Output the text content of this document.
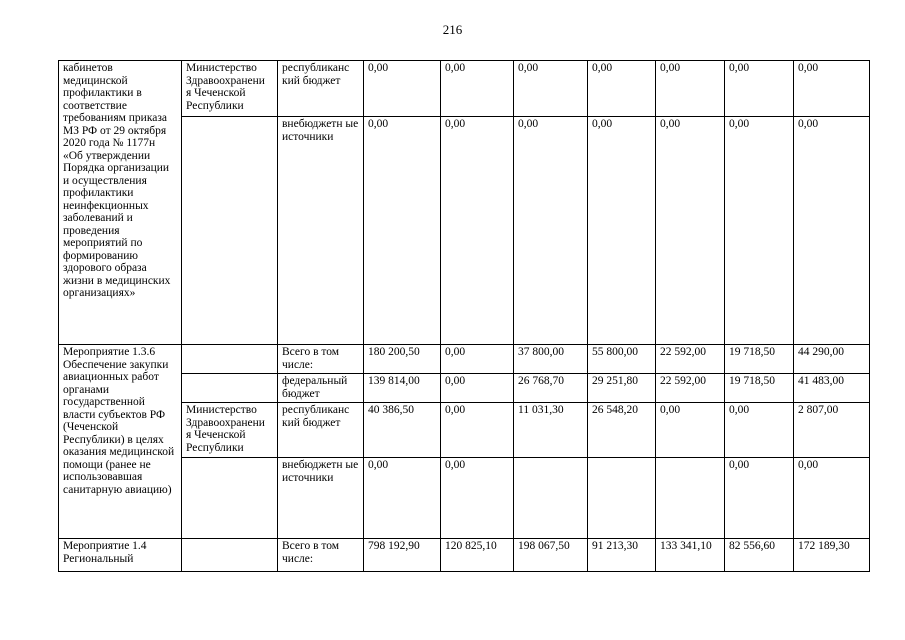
216
кабинетов медицинской профилактики в соответствие требованиям приказа МЗ РФ от 29 октября 2020 года № 1177н «Об утверждении Порядка организации и осуществления профилактики неинфекционных заболеваний и проведения мероприятий по формированию здорового образа жизни в медицинских организациях»	Министерство Здравоохранени я Чеченской Республики	республиканс кий бюджет	0,00	0,00	0,00	0,00	0,00	0,00	0,00
		внебюджетн ые источники	0,00	0,00	0,00	0,00	0,00	0,00	0,00
Мероприятие 1.3.6 Обеспечение закупки авиационных работ органами государственной власти субъектов РФ (Чеченской Республики) в целях оказания медицинской помощи (ранее не использовавшая санитарную авиацию)		Всего в том числе:	180 200,50	0,00	37 800,00	55 800,00	22 592,00	19 718,50	44 290,00
		федеральный бюджет	139 814,00	0,00	26 768,70	29 251,80	22 592,00	19 718,50	41 483,00
	Министерство Здравоохранени я Чеченской Республики	республиканс кий бюджет	40 386,50	0,00	11 031,30	26 548,20	0,00	0,00	2 807,00
		внебюджетн ые источники	0,00	0,00				0,00	0,00
Мероприятие 1.4 Региональный		Всего в том числе:	798 192,90	120 825,10	198 067,50	91 213,30	133 341,10	82 556,60	172 189,30
